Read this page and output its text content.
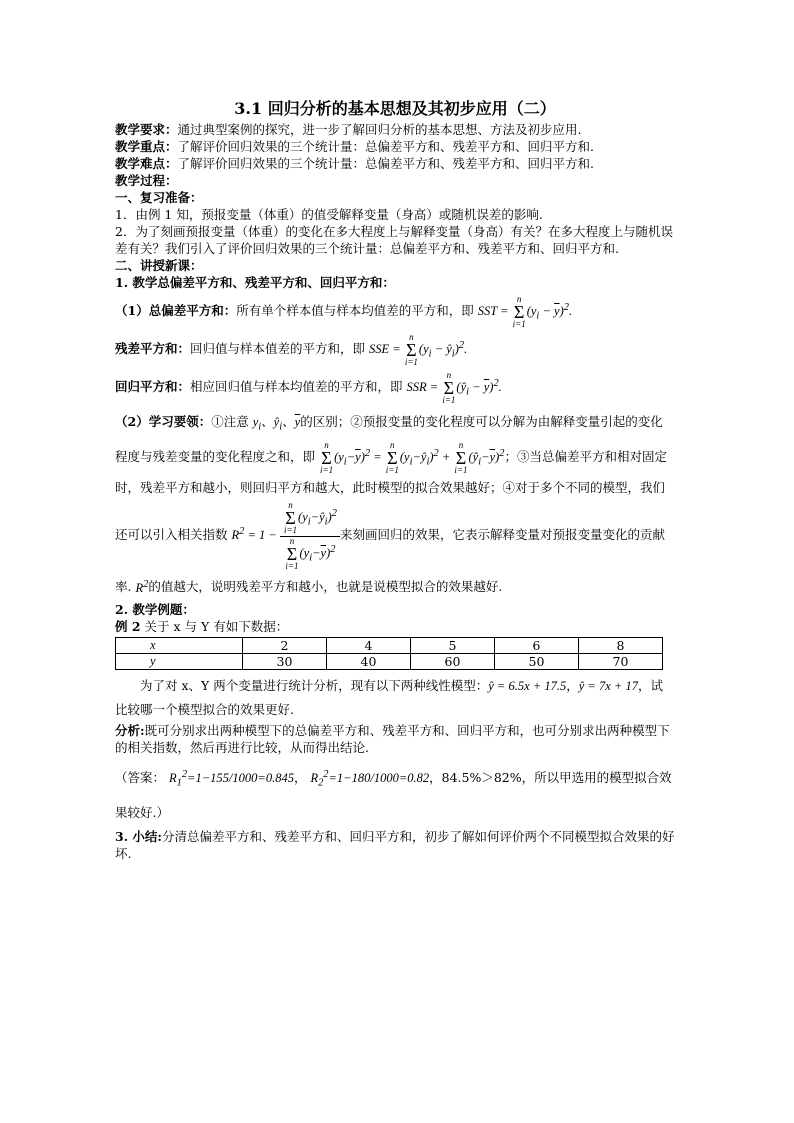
3.1 回归分析的基本思想及其初步应用（二）

教学要求：通过典型案例的探究，进一步了解回归分析的基本思想、方法及初步应用.

教学重点：了解评价回归效果的三个统计量：总偏差平方和、残差平方和、回归平方和.

教学难点：了解评价回归效果的三个统计量：总偏差平方和、残差平方和、回归平方和.

教学过程：

一、复习准备：

1．由例 1 知，预报变量（体重）的值受解释变量（身高）或随机误差的影响.

2．为了刻画预报变量（体重）的变化在多大程度上与解释变量（身高）有关？在多大程度上与随机误差有关？我们引入了评价回归效果的三个统计量：总偏差平方和、残差平方和、回归平方和.

二、讲授新课：

1. 教学总偏差平方和、残差平方和、回归平方和：

（1）总偏差平方和：所有单个样本值与样本均值差的平方和，即 SST = n
Σ
$i=1(y_i - \overline{y})^2$.

残差平方和：回归值与样本值差的平方和，即 SSE = n
Σ
$i=1(y_i$ − $ŷ_i)^2$.

回归平方和：相应回归值与样本均值差的平方和，即 SSR = n
Σ
$i=1(ŷ_i - \overline{y})^2$.

（2）学习要领：①注意 $y_i$、$ŷ_i$、$\overline{y}$的区别；②预报变量的变化程度可以分解为由解释变量引起的变化程度与残差变量的变化程度之和，即 n
Σ
$i=1(y_i-\overline{y})^2 = n$
Σ
$i=1(y_i-ŷ_i)^2 + n$
Σ
$i=1(ŷ_i-\overline{y})^2$；③当总偏差平方和相对固定时，残差平方和越小，则回归平方和越大，此时模型的拟合效果越好；④对于多个不同的模型，我们还可以引入相关指数 $R^2 = 1$ −
n
Σ
$i=1(y_i-ŷ_i)^2$
n
Σ
$i=1(y_i-\overline{y})^2$
来刻画回归的效果，它表示解释变量对预报变量变化的贡献率. $R^2$的值越大，说明残差平方和越小，也就是说模型拟合的效果越好.

2. 教学例题：

例 2 关于 x 与 Y 有如下数据：

x	2	4	5	6	8
y	30	40	60	50	70

为了对 x、Y 两个变量进行统计分析，现有以下两种线性模型：ŷ = 6.5x + 17.5，ŷ = 7x + 17，试比较哪一个模型拟合的效果更好.

分析:既可分别求出两种模型下的总偏差平方和、残差平方和、回归平方和，也可分别求出两种模型下的相关指数，然后再进行比较，从而得出结论.

（答案： $R_1^2=1-155/1000=0.845$， $R_2^2=1-180/1000=0.82$，84.5%＞82%，所以甲选用的模型拟合效果较好.）

3. 小结:分清总偏差平方和、残差平方和、回归平方和，初步了解如何评价两个不同模型拟合效果的好坏.
